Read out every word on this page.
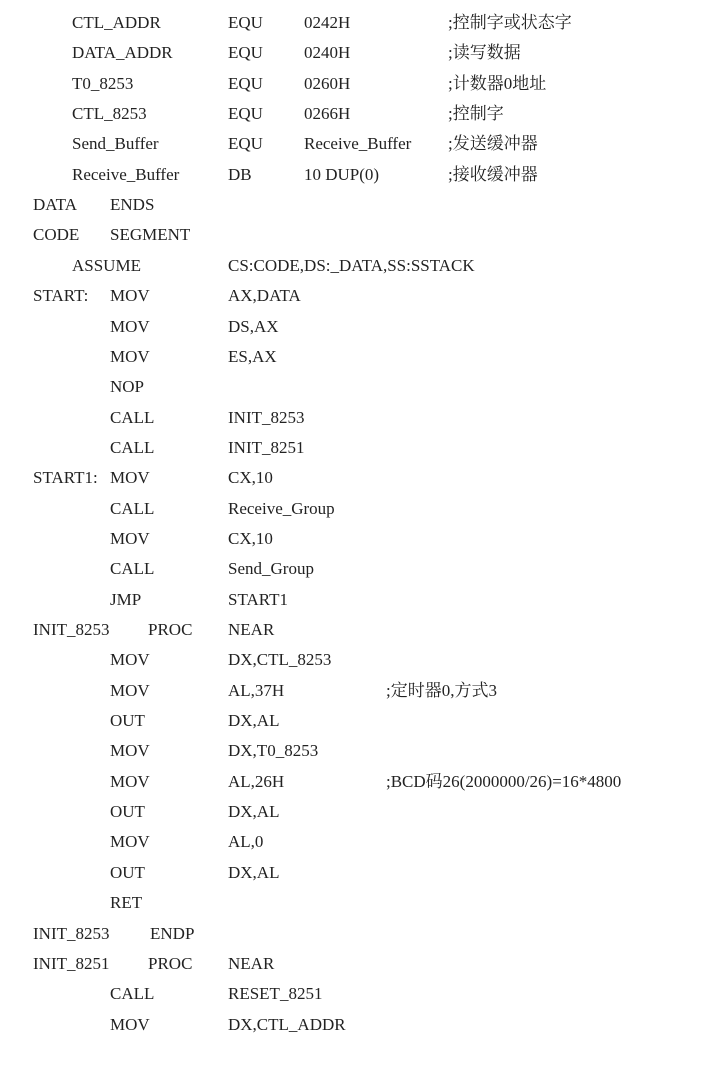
CTL_ADDR	EQU 0242H	;控制字或状态字
DATA_ADDR	EQU 0240H	;读写数据
T0_8253	EQU 0260H	;计数器0地址
CTL_8253	EQU 0266H	;控制字
Send_Buffer	EQU Receive_Buffer ;发送缓冲器
Receive_Buffer	DB	10 DUP(0)	;接收缓冲器
DATA ENDS
CODE SEGMENT
ASSUME	CS:CODE,DS:_DATA,SS:SSTACK
START: MOV	AX,DATA
MOV	DS,AX
MOV	ES,AX
NOP
CALL	INIT_8253
CALL	INIT_8251
START1: MOV	CX,10
CALL	Receive_Group
MOV	CX,10
CALL	Send_Group
JMP	START1
INIT_8253 PROC NEAR
MOV	DX,CTL_8253
MOV	AL,37H	;定时器0,方式3
OUT	DX,AL
MOV	DX,T0_8253
MOV	AL,26H	;BCD码26(2000000/26)=16*4800
OUT	DX,AL
MOV	AL,0
OUT	DX,AL
RET
INIT_8253 ENDP
INIT_8251 PROC NEAR
CALL	RESET_8251
MOV	DX,CTL_ADDR
